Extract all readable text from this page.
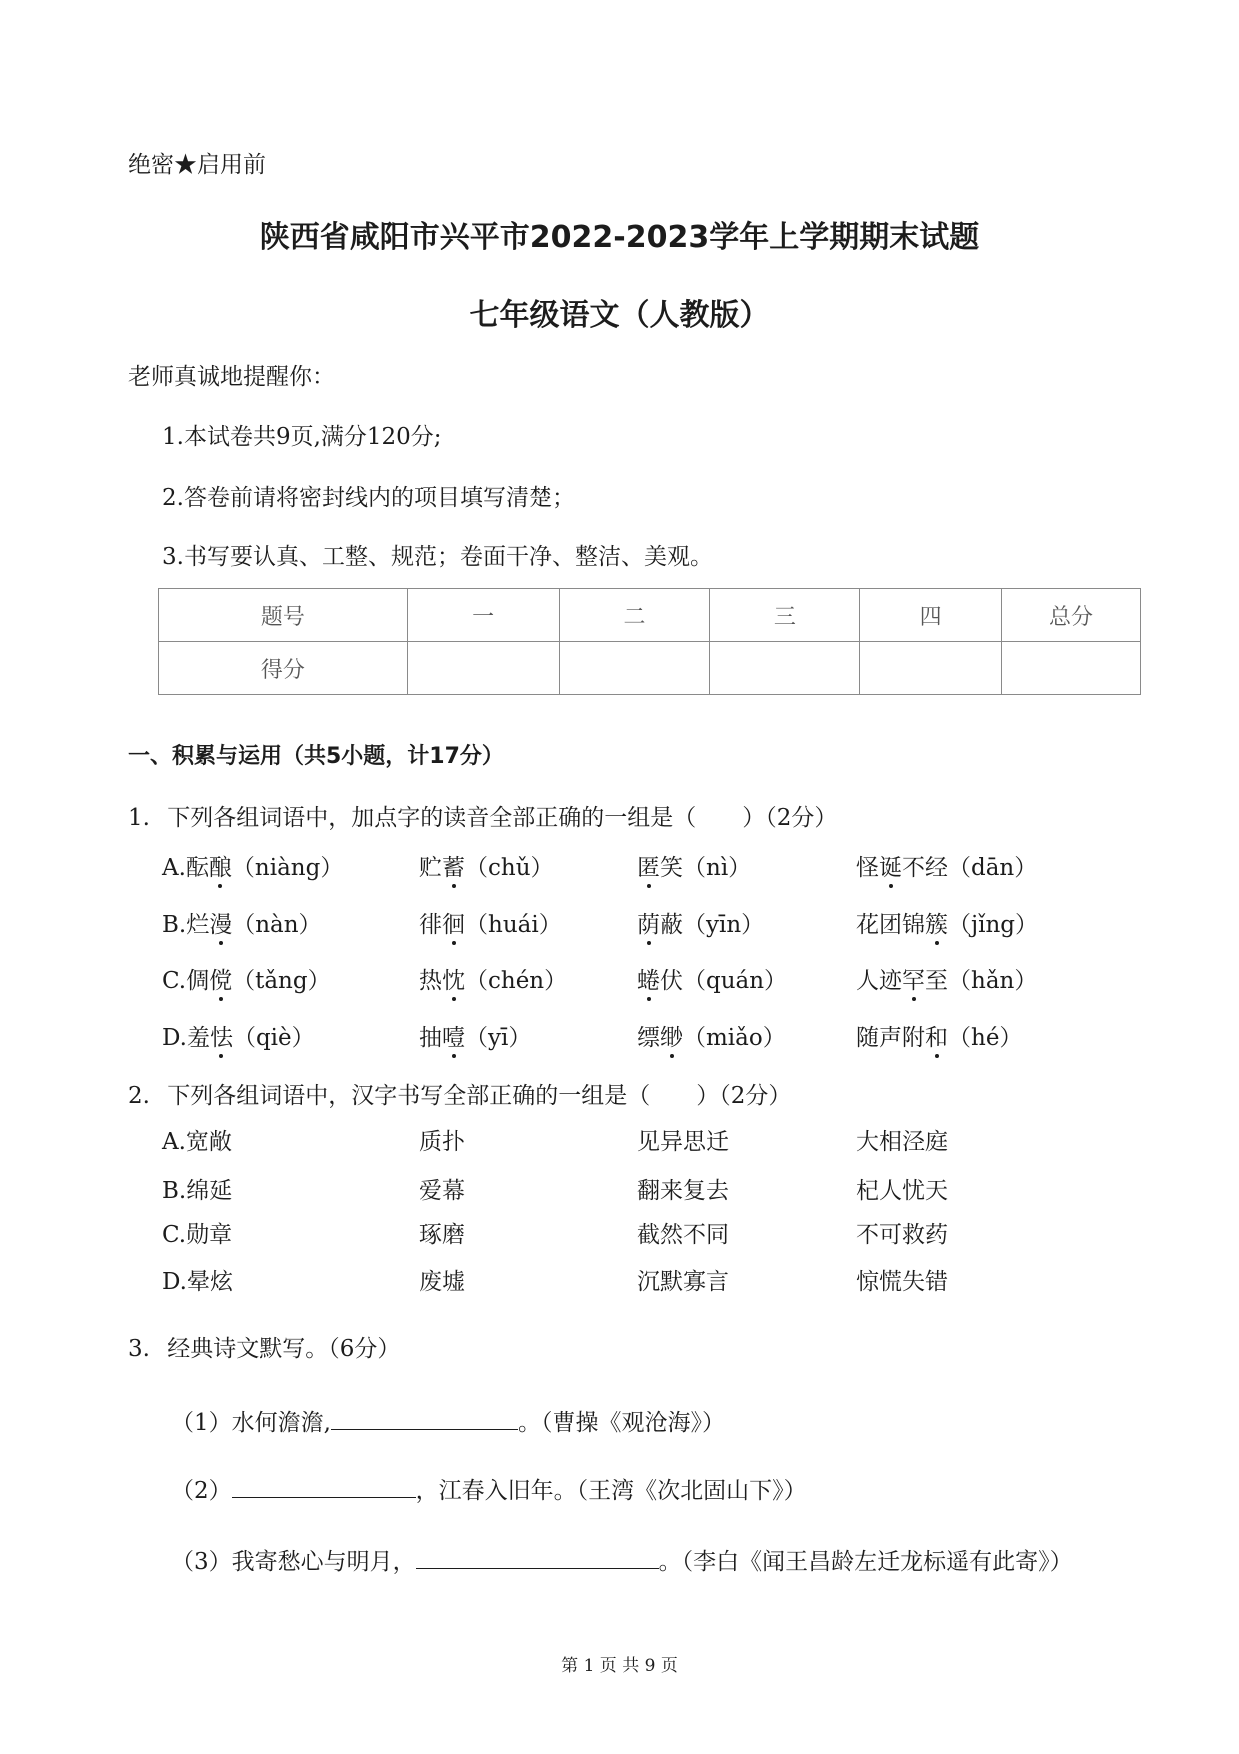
绝密★启用前
陕西省咸阳市兴平市2022-2023学年上学期期末试题
七年级语文（人教版）
老师真诚地提醒你：
1.本试卷共9页,满分120分;
2.答卷前请将密封线内的项目填写清楚；
3.书写要认真、工整、规范；卷面干净、整洁、美观。
题号	一	二	三	四	总分
得分					
一、积累与运用（共5小题，计17分）
1. 下列各组词语中，加点字的读音全部正确的一组是（　　）（2分）
A.酝酿（niàng）	贮蓄（chǔ）	匿笑（nì）	怪诞不经（dān）
B.烂漫（nàn）	徘徊（huái）	荫蔽（yīn）	花团锦簇（jǐng）
C.倜傥（tǎng）	热忱（chén）	蜷伏（quán）	人迹罕至（hǎn）
D.羞怯（qiè）	抽噎（yī）	缥缈（miǎo）	随声附和（hé）
2. 下列各组词语中，汉字书写全部正确的一组是（　　）（2分）
A.宽敞	质扑	见异思迁	大相泾庭
B.绵延	爱幕	翻来复去	杞人忧天
C.勋章	琢磨	截然不同	不可救药
D.晕炫	废墟	沉默寡言	惊慌失错
3. 经典诗文默写。（6分）
（1）水何澹澹,	。（曹操《观沧海》）
（2）	，江春入旧年。（王湾《次北固山下》）
（3）我寄愁心与明月，	。（李白《闻王昌龄左迁龙标遥有此寄》）
第 1 页 共 9 页
